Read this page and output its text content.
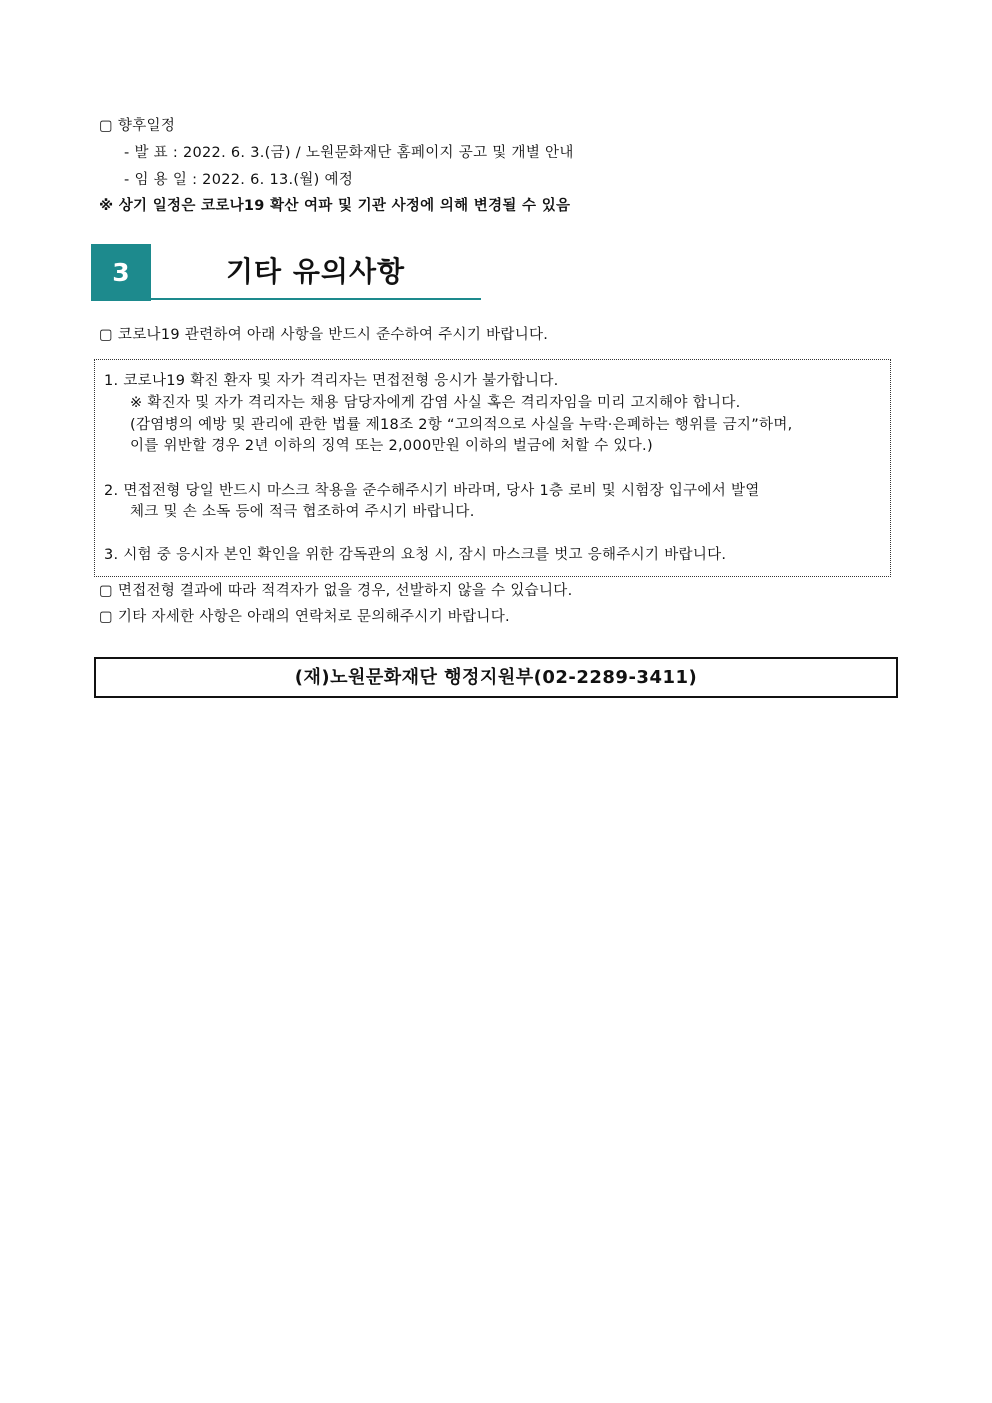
▢ 향후일정
- 발 표 : 2022. 6. 3.(금) / 노원문화재단 홈페이지 공고 및 개별 안내
- 임 용 일 : 2022. 6. 13.(월) 예정
※ 상기 일정은 코로나19 확산 여파 및 기관 사정에 의해 변경될 수 있음
3	기타 유의사항
▢ 코로나19 관련하여 아래 사항을 반드시 준수하여 주시기 바랍니다.
1. 코로나19 확진 환자 및 자가 격리자는 면접전형 응시가 불가합니다.
※ 확진자 및 자가 격리자는 채용 담당자에게 감염 사실 혹은 격리자임을 미리 고지해야 합니다.
(감염병의 예방 및 관리에 관한 법률 제18조 2항 “고의적으로 사실을 누락·은폐하는 행위를 금지”하며,
이를 위반할 경우 2년 이하의 징역 또는 2,000만원 이하의 벌금에 처할 수 있다.)
2. 면접전형 당일 반드시 마스크 착용을 준수해주시기 바라며, 당사 1층 로비 및 시험장 입구에서 발열
체크 및 손 소독 등에 적극 협조하여 주시기 바랍니다.
3. 시험 중 응시자 본인 확인을 위한 감독관의 요청 시, 잠시 마스크를 벗고 응해주시기 바랍니다.
▢ 면접전형 결과에 따라 적격자가 없을 경우, 선발하지 않을 수 있습니다.
▢ 기타 자세한 사항은 아래의 연락처로 문의해주시기 바랍니다.
(재)노원문화재단 행정지원부(02-2289-3411)
